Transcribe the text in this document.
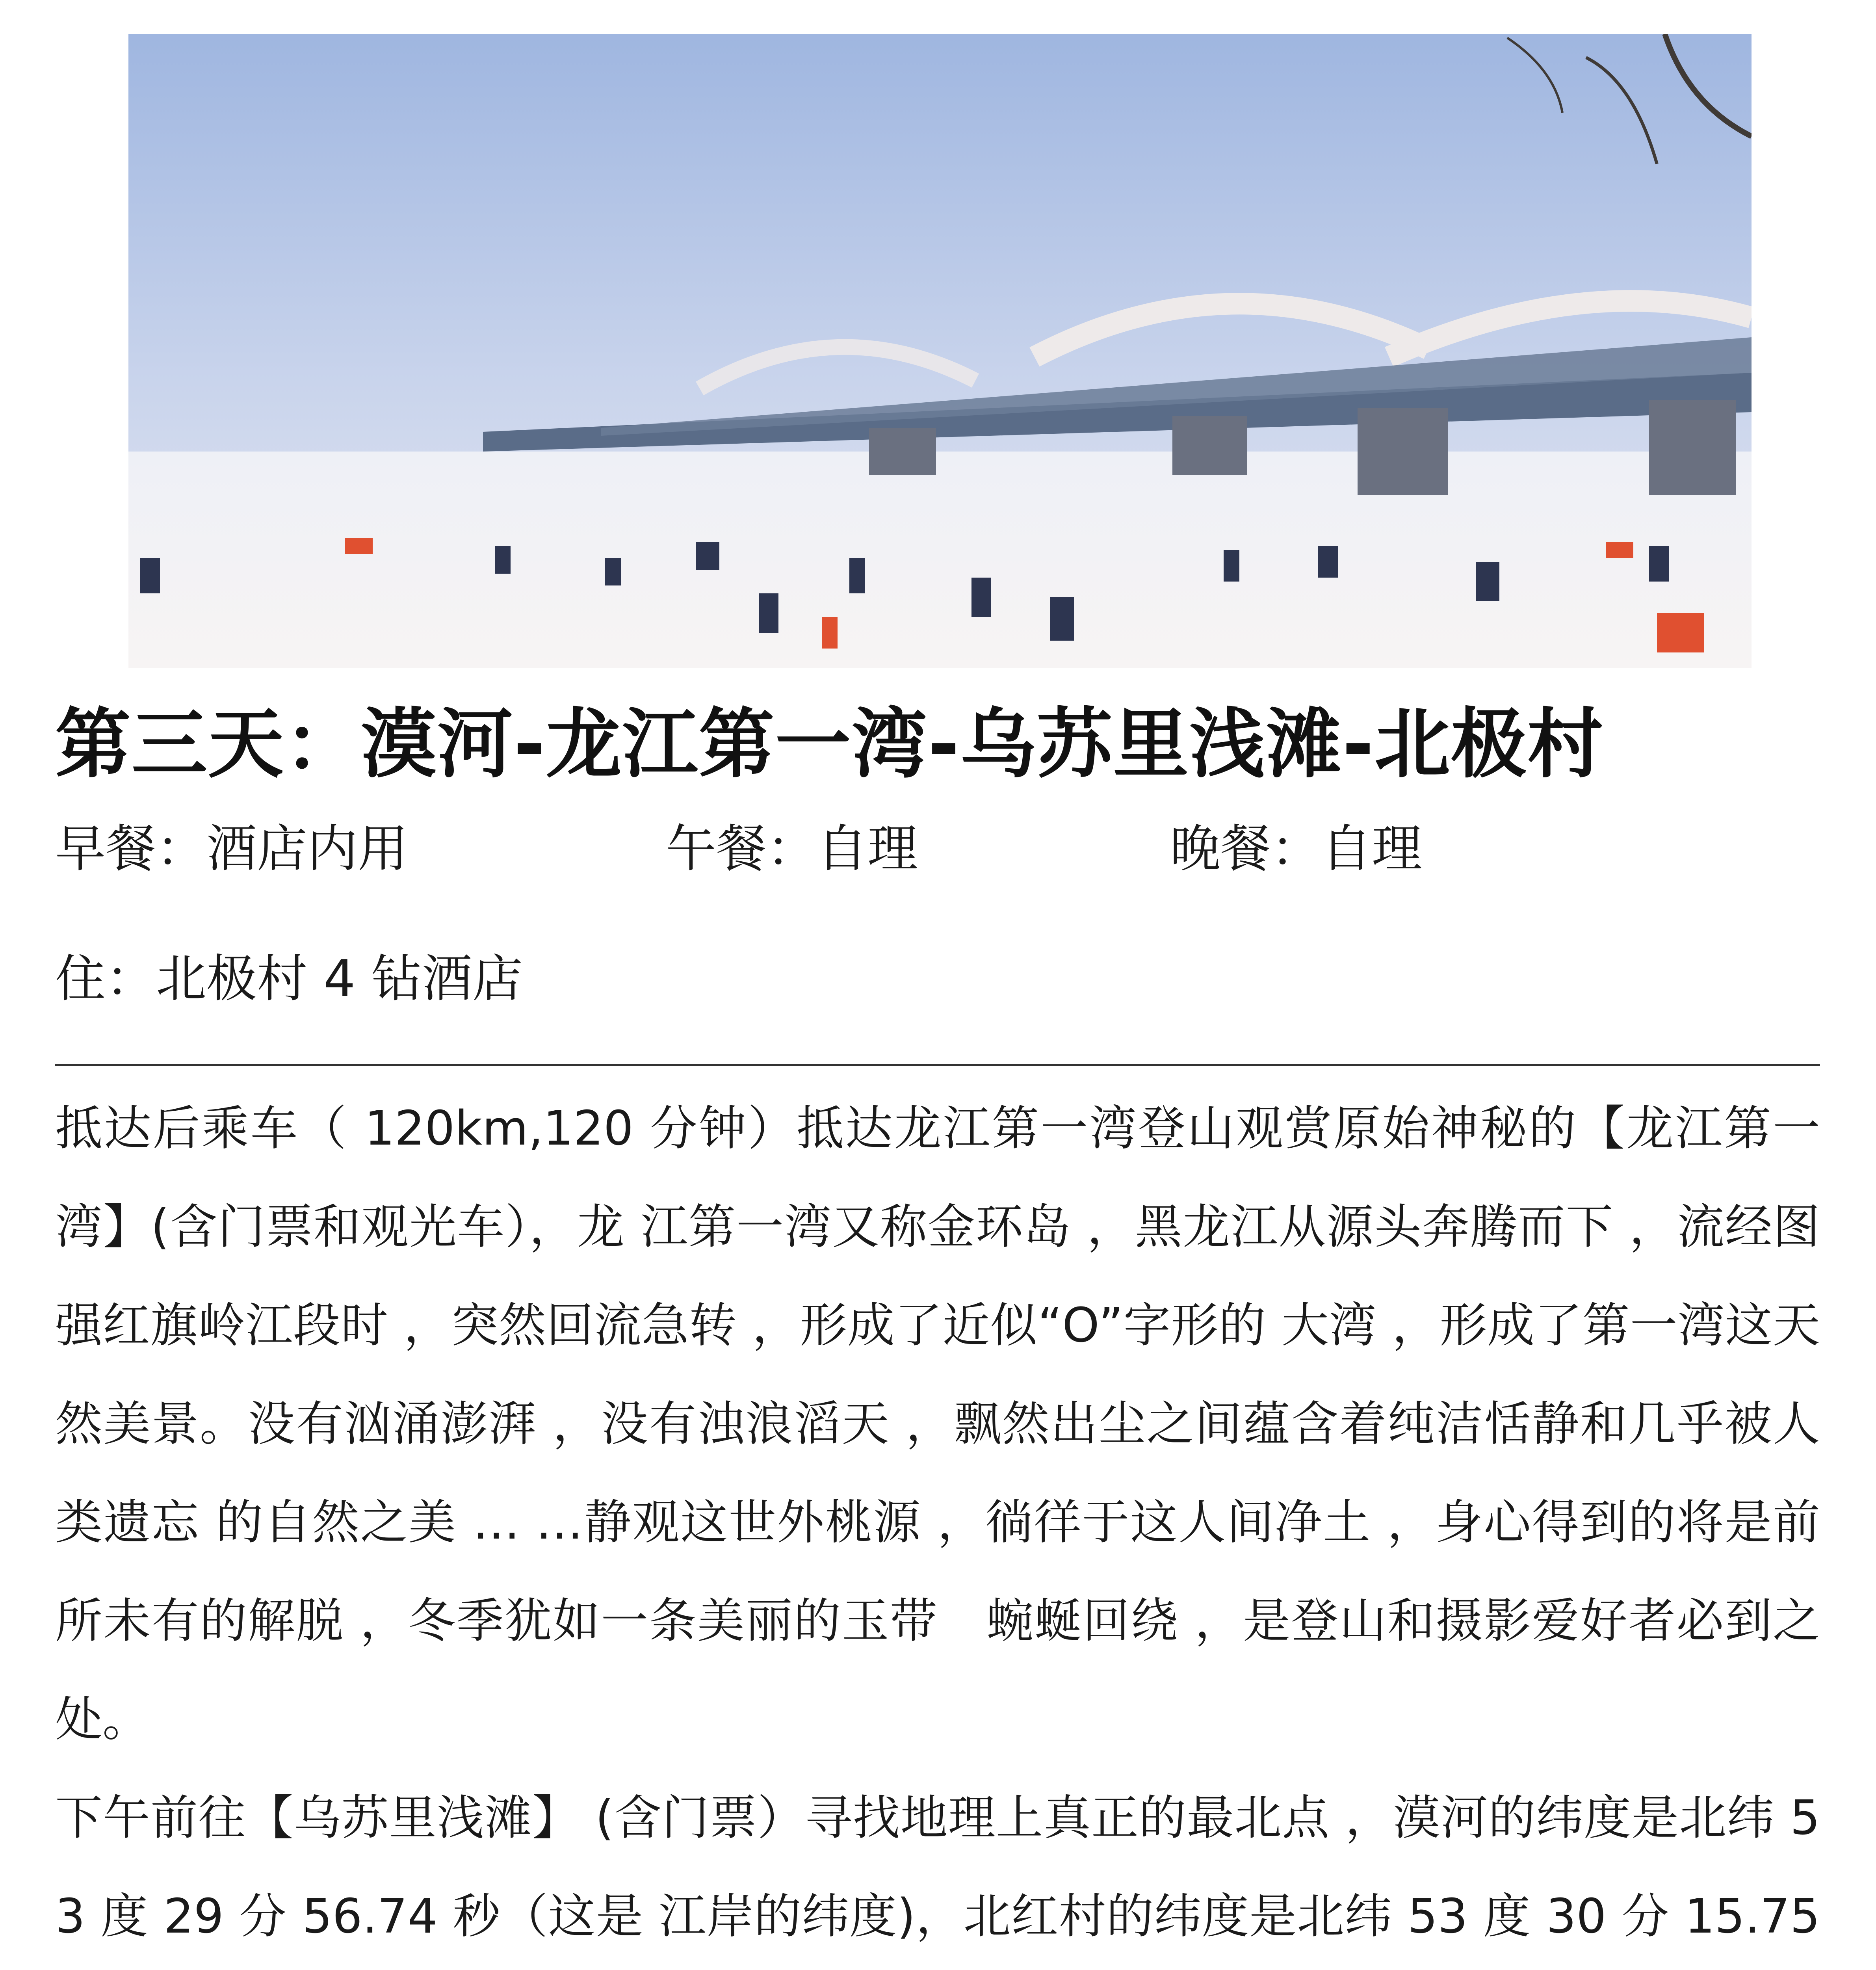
第三天：漠河-龙江第一湾-乌苏里浅滩-北极村
早餐：酒店内用	午餐：自理	晚餐：自理
住：北极村 4 钻酒店

抵达后乘车（ 120km,120 分钟）抵达龙江第一湾登山观赏原始神秘的【龙江第一湾】(含门票和观光车），龙 江第一湾又称金环岛 ，黑龙江从源头奔腾而下 ，流经图强红旗岭江段时 ，突然回流急转 ，形成了近似“O”字形的 大湾 ，形成了第一湾这天然美景。没有汹涌澎湃 ，没有浊浪滔天 ，飘然出尘之间蕴含着纯洁恬静和几乎被人类遗忘 的自然之美 … …静观这世外桃源 ，徜徉于这人间净土 ，身心得到的将是前所未有的解脱 ，冬季犹如一条美丽的玉带　蜿蜒回绕 ，是登山和摄影爱好者必到之处。

下午前往【乌苏里浅滩】 (含门票）寻找地理上真正的最北点 ，漠河的纬度是北纬 53 度 29 分 56.74 秒（这是 江岸的纬度)，北红村的纬度是北纬 53 度 30 分 15.75
